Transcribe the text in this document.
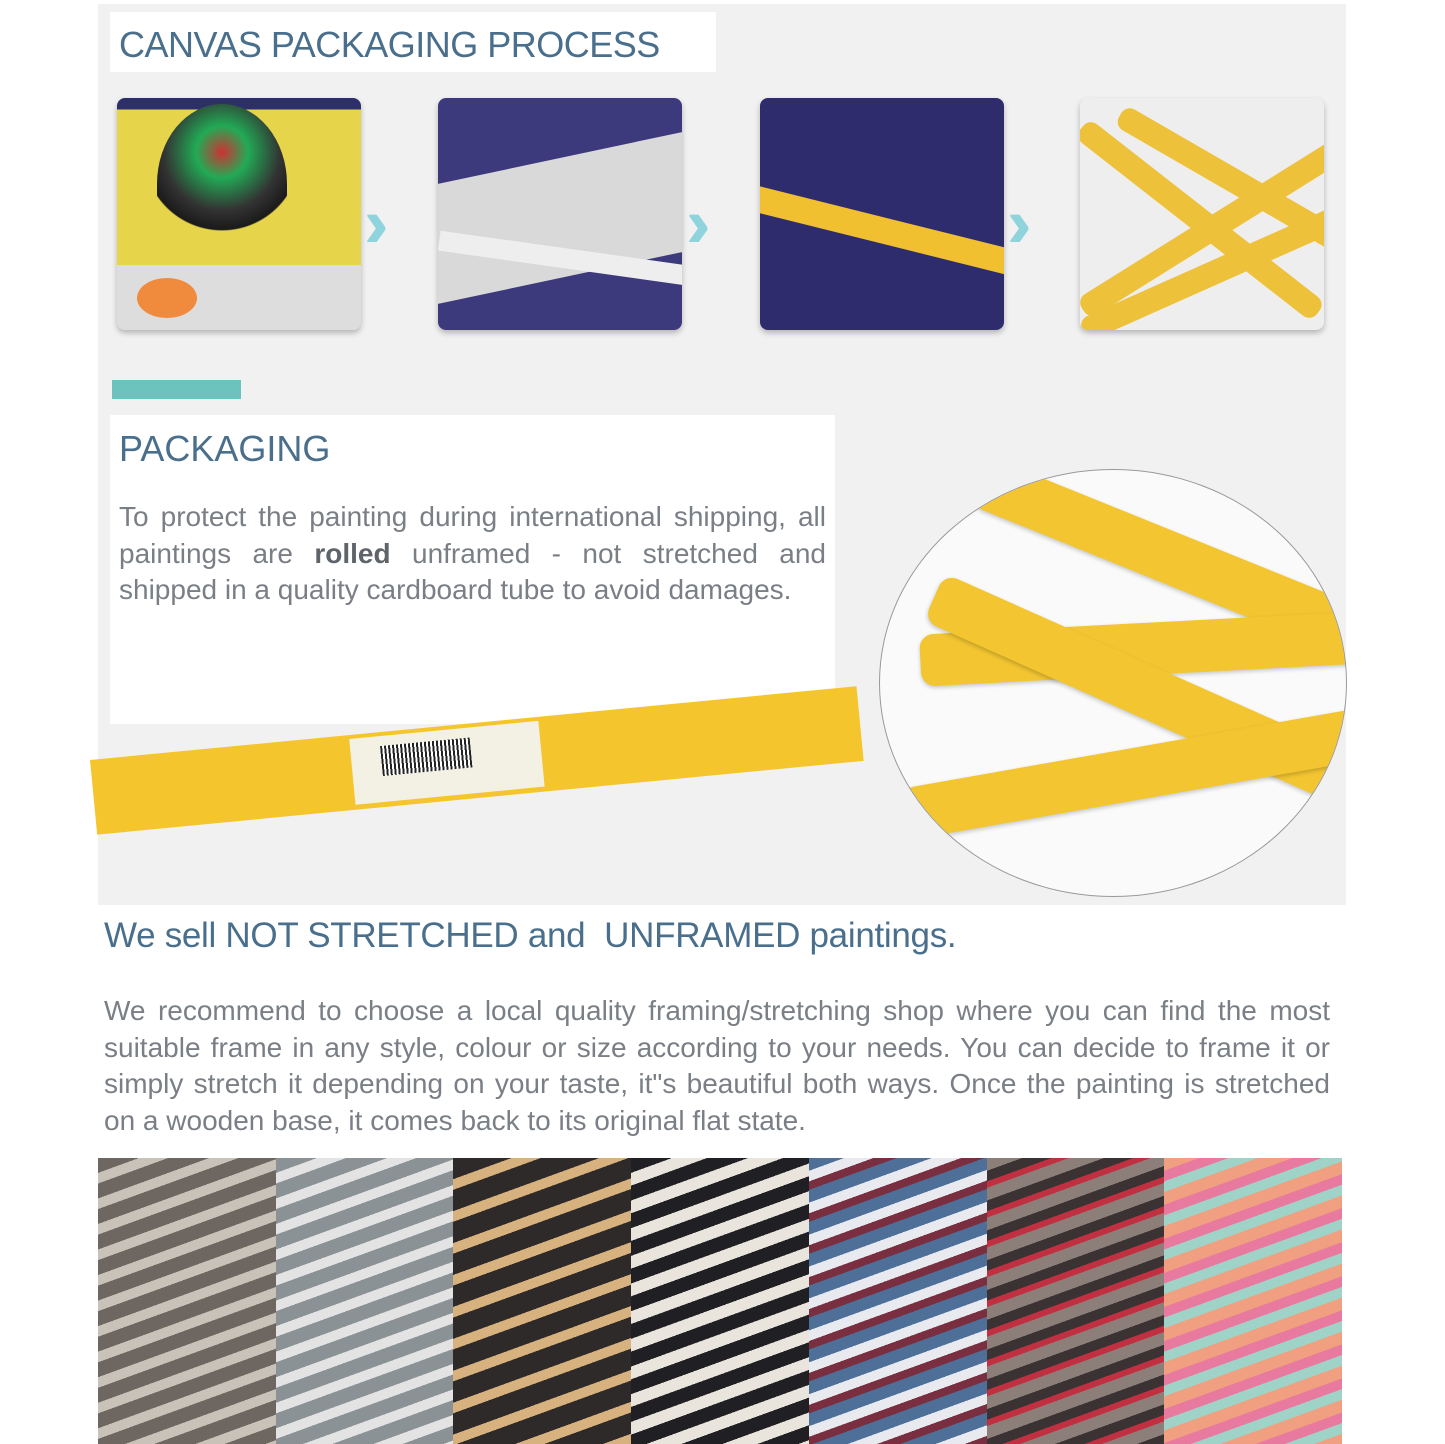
CANVAS PACKAGING PROCESS
››	››	››
PACKAGING
To protect the painting during international shipping, all paintings are rolled unframed - not stretched and shipped in a quality cardboard tube to avoid damages.
We sell NOT STRETCHED and  UNFRAMED paintings.
We recommend to choose a local quality framing/stretching shop where you can find the most suitable frame in any style, colour or size according to your needs. You can decide to frame it or simply stretch it depending on your taste, it"s beautiful both ways. Once the painting is stretched on a wooden base, it comes back to its original flat state.
